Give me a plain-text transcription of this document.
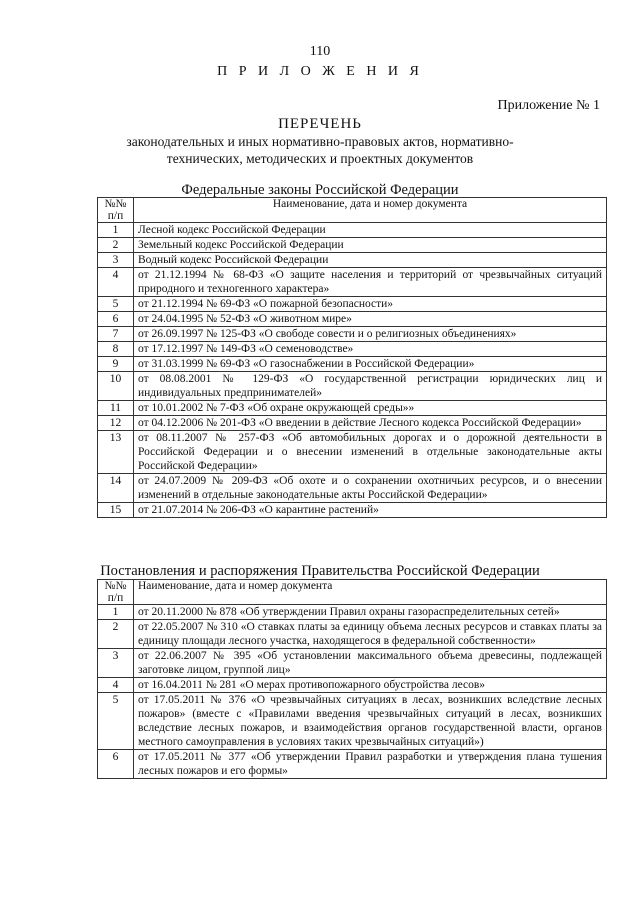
110
П Р И Л О Ж Е Н И Я
Приложение № 1
ПЕРЕЧЕНЬ
законодательных и иных нормативно-правовых актов, нормативно-
технических, методических и проектных документов
Федеральные законы Российской Федерации
№№
п/п	Наименование, дата и номер документа
1	Лесной кодекс Российской Федерации
2	Земельный кодекс Российской Федерации
3	Водный кодекс Российской Федерации
4	от 21.12.1994 № 68-ФЗ «О защите населения и территорий от чрезвычайных ситуаций природного и техногенного характера»
5	от 21.12.1994 № 69-ФЗ «О пожарной безопасности»
6	от 24.04.1995 № 52-ФЗ «О животном мире»
7	от 26.09.1997 № 125-ФЗ «О свободе совести и о религиозных объединениях»
8	от 17.12.1997 № 149-ФЗ «О семеноводстве»
9	от 31.03.1999 № 69-ФЗ «О газоснабжении в Российской Федерации»
10	от 08.08.2001 № 129-ФЗ «О государственной регистрации юридических лиц и индивидуальных предпринимателей»
11	от 10.01.2002 № 7-ФЗ «Об охране окружающей среды»»
12	от 04.12.2006 № 201-ФЗ «О введении в действие Лесного кодекса Российской Федерации»
13	от 08.11.2007 № 257-ФЗ «Об автомобильных дорогах и о дорожной деятельности в Российской Федерации и о внесении изменений в отдельные законодательные акты Российской Федерации»
14	от 24.07.2009 № 209-ФЗ «Об охоте и о сохранении охотничьих ресурсов, и о внесении изменений в отдельные законодательные акты Российской Федерации»
15	от 21.07.2014 № 206-ФЗ «О карантине растений»
Постановления и распоряжения Правительства Российской Федерации
№№
п/п	Наименование, дата и номер документа
1	от 20.11.2000 № 878 «Об утверждении Правил охраны газораспределительных сетей»
2	от 22.05.2007 № 310 «О ставках платы за единицу объема лесных ресурсов и ставках платы за единицу площади лесного участка, находящегося в федеральной собственности»
3	от 22.06.2007 № 395 «Об установлении максимального объема древесины, подлежащей заготовке лицом, группой лиц»
4	от 16.04.2011 № 281 «О мерах противопожарного обустройства лесов»
5	от 17.05.2011 № 376 «О чрезвычайных ситуациях в лесах, возникших вследствие лесных пожаров» (вместе с «Правилами введения чрезвычайных ситуаций в лесах, возникших вследствие лесных пожаров, и взаимодействия органов государственной власти, органов местного самоуправления в условиях таких чрезвычайных ситуаций»)
6	от 17.05.2011 № 377 «Об утверждении Правил разработки и утверждения плана тушения лесных пожаров и его формы»
